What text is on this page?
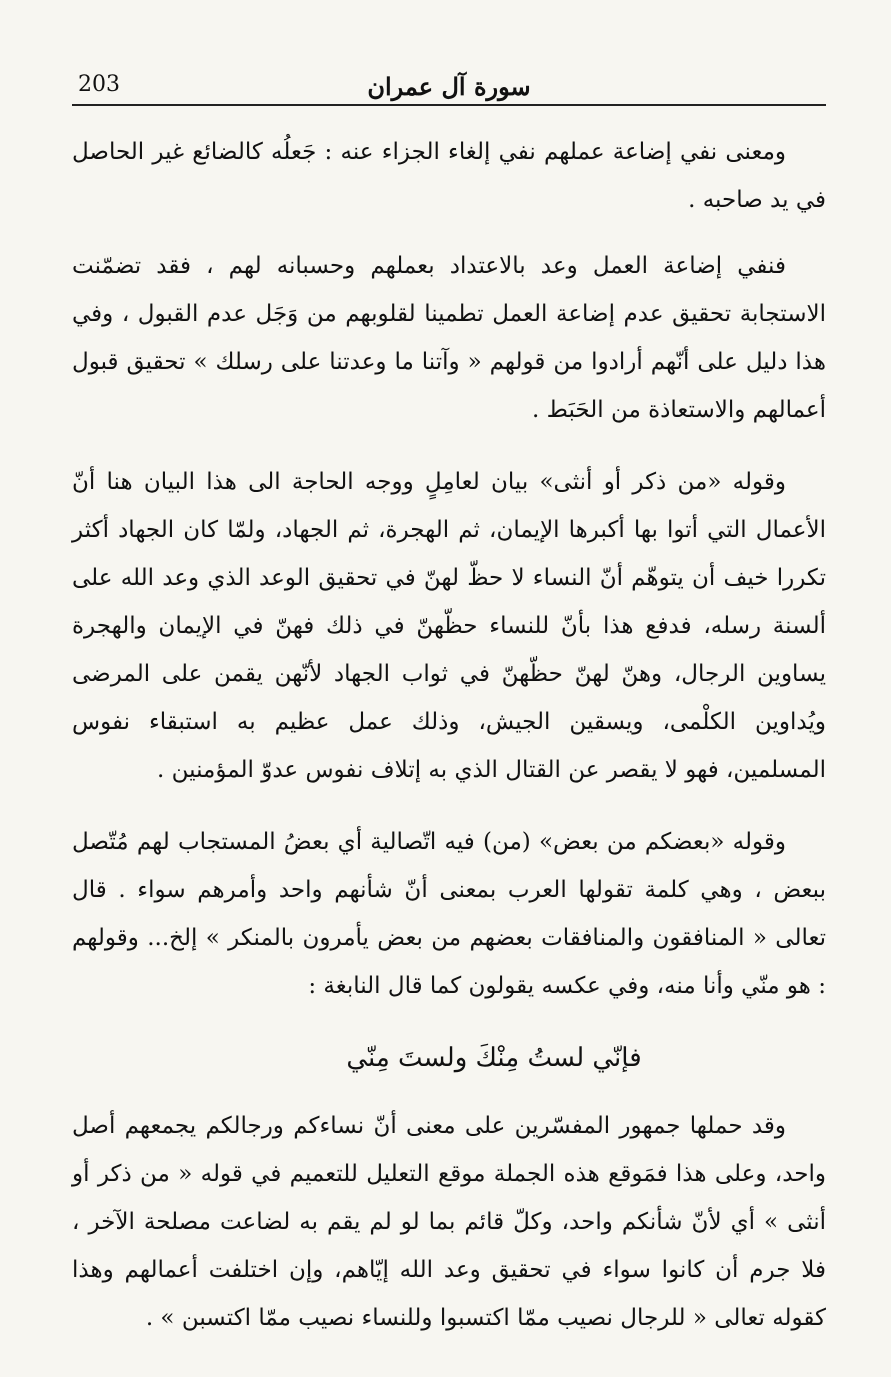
203	سورة آل عمران

ومعنى نفي إضاعة عملهم نفي إلغاء الجزاء عنه : جَعلُه كالضائع غير الحاصل في يد صاحبه .

فنفي إضاعة العمل وعد بالاعتداد بعملهم وحسبانه لهم ، فقد تضمّنت الاستجابة تحقيق عدم إضاعة العمل تطمينا لقلوبهم من وَجَل عدم القبول ، وفي هذا دليل على أنّهم أرادوا من قولهم « وآتنا ما وعدتنا على رسلك » تحقيق قبول أعمالهم والاستعاذة من الحَبَط .

وقوله «من ذكر أو أنثى» بيان لعامِلٍ ووجه الحاجة الى هذا البيان هنا أنّ الأعمال التي أتوا بها أكبرها الإيمان، ثم الهجرة، ثم الجهاد، ولمّا كان الجهاد أكثر تكررا خيف أن يتوهّم أنّ النساء لا حظّ لهنّ في تحقيق الوعد الذي وعد الله على ألسنة رسله، فدفع هذا بأنّ للنساء حظّهنّ في ذلك فهنّ في الإيمان والهجرة يساوين الرجال، وهنّ لهنّ حظّهنّ في ثواب الجهاد لأنّهن يقمن على المرضى ويُداوين الكلْمى، ويسقين الجيش، وذلك عمل عظيم به استبقاء نفوس المسلمين، فهو لا يقصر عن القتال الذي به إتلاف نفوس عدوّ المؤمنين .

وقوله «بعضكم من بعض» (من) فيه اتّصالية أي بعضُ المستجاب لهم مُتّصل ببعض ، وهي كلمة تقولها العرب بمعنى أنّ شأنهم واحد وأمرهم سواء . قال تعالى « المنافقون والمنافقات بعضهم من بعض يأمرون بالمنكر » إلخ... وقولهم : هو منّي وأنا منه، وفي عكسه يقولون كما قال النابغة :

فإنّي لستُ مِنْكَ ولستَ مِنّي

وقد حملها جمهور المفسّرين على معنى أنّ نساءكم ورجالكم يجمعهم أصل واحد، وعلى هذا فمَوقع هذه الجملة موقع التعليل للتعميم في قوله « من ذكر أو أنثى » أي لأنّ شأنكم واحد، وكلّ قائم بما لو لم يقم به لضاعت مصلحة الآخر ، فلا جرم أن كانوا سواء في تحقيق وعد الله إيّاهم، وإن اختلفت أعمالهم وهذا كقوله تعالى « للرجال نصيب ممّا اكتسبوا وللنساء نصيب ممّا اكتسبن » .
